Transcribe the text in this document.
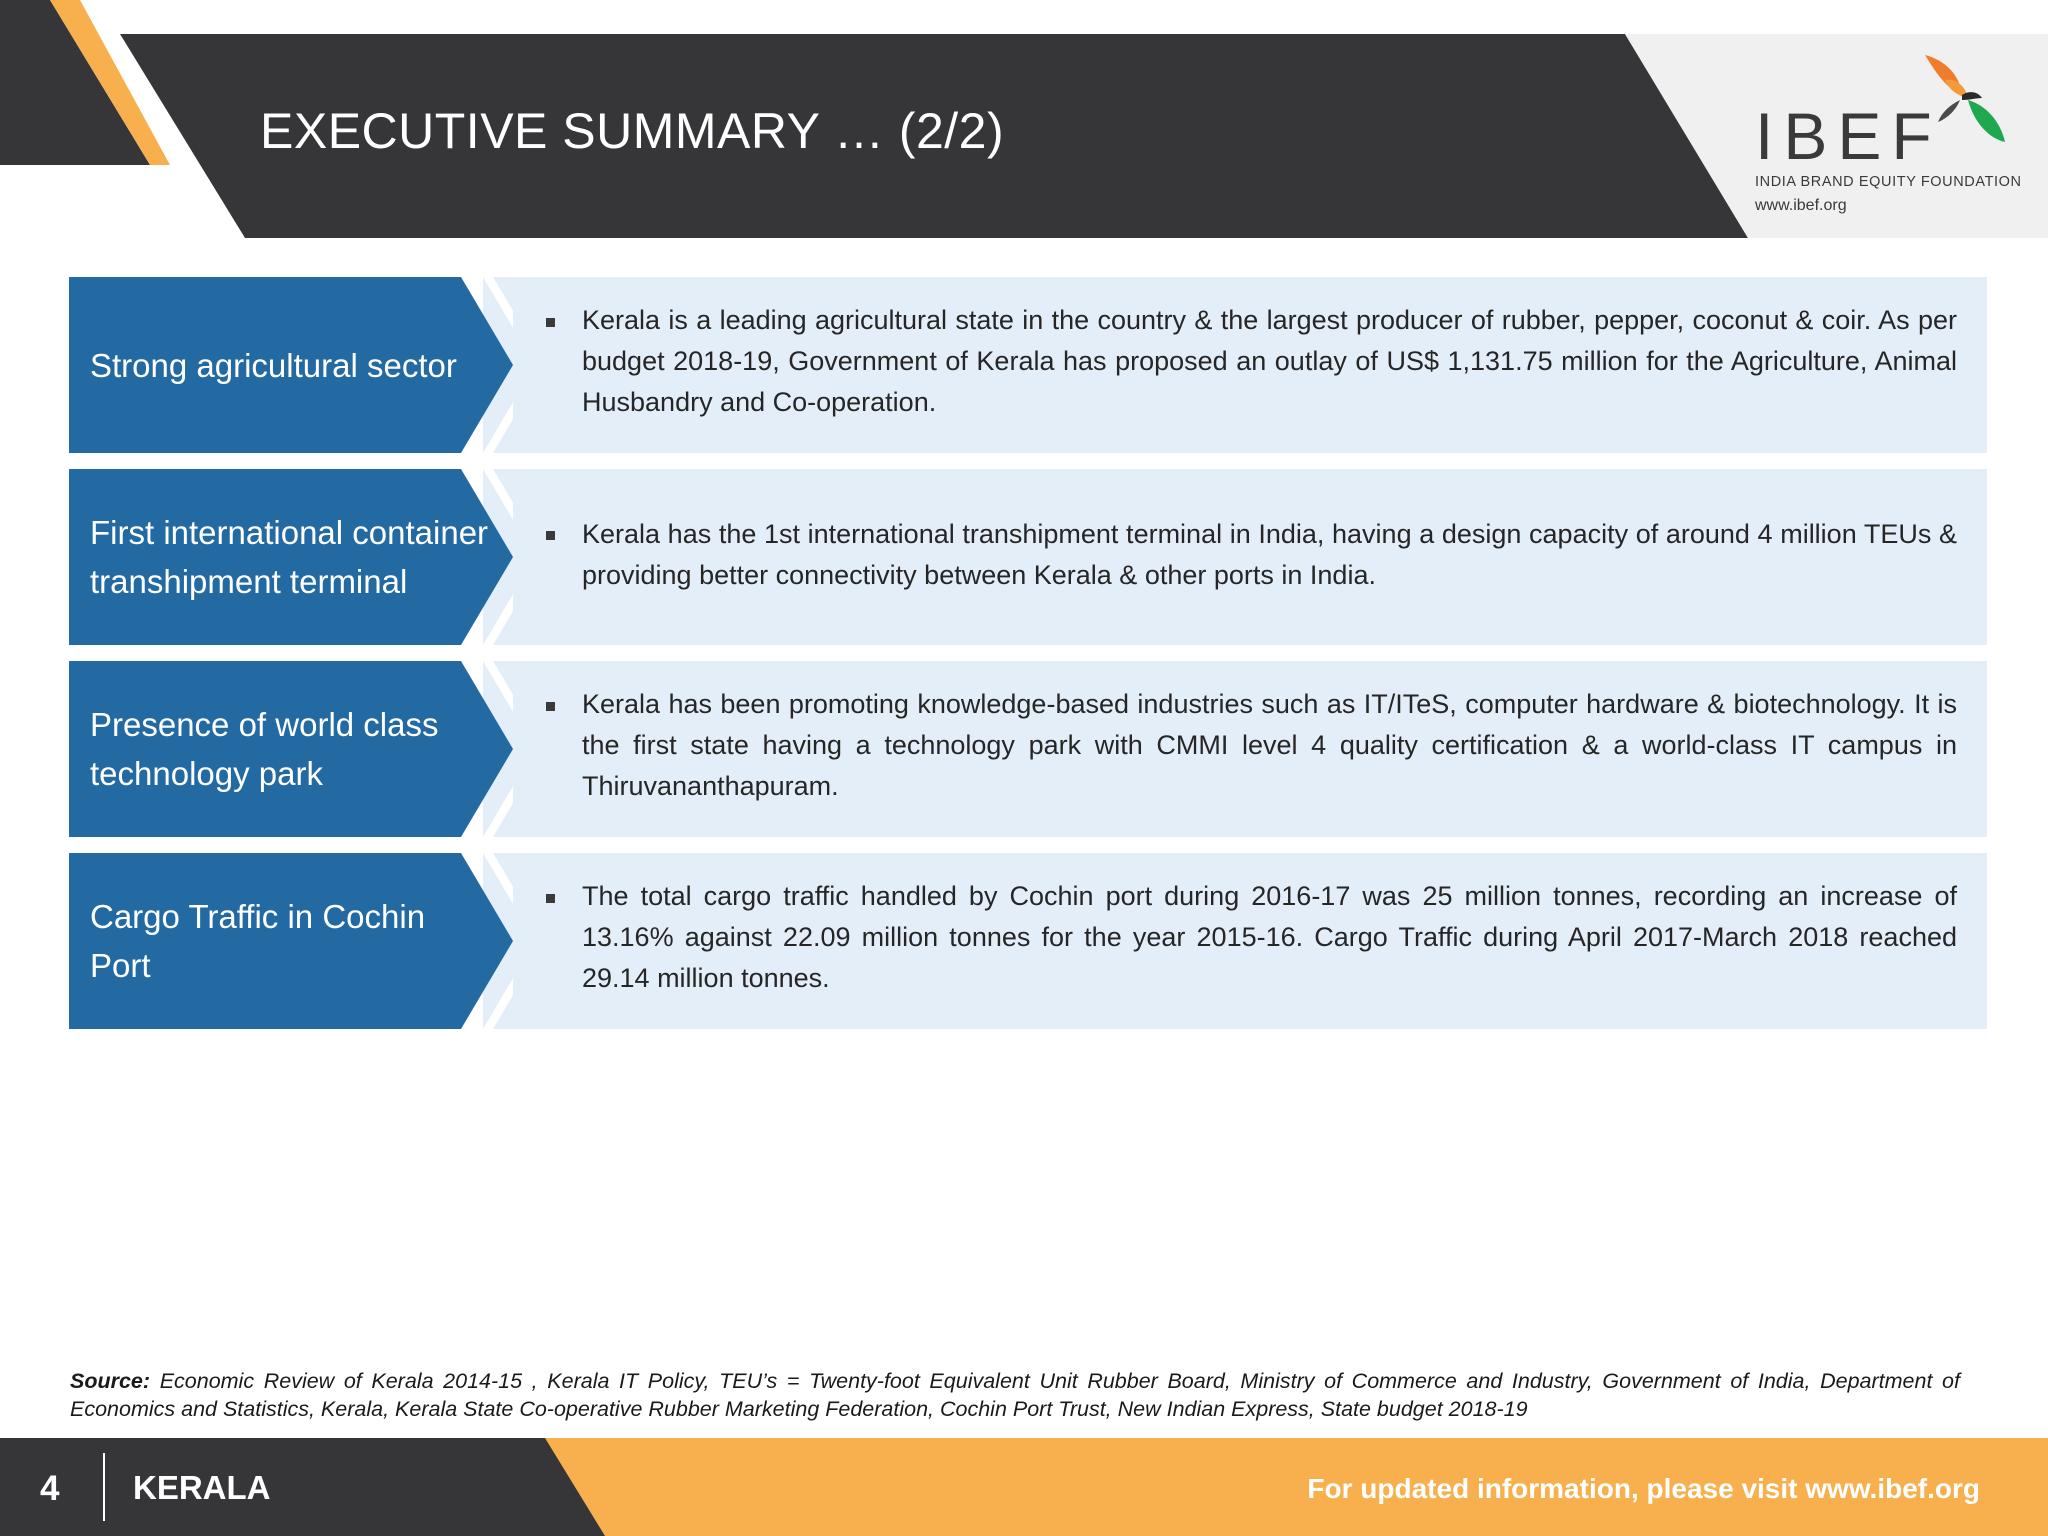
EXECUTIVE SUMMARY … (2/2)	IBEF
INDIA BRAND EQUITY FOUNDATION
www.ibef.org
Strong agricultural sector
Kerala is a leading agricultural state in the country & the largest producer of rubber, pepper, coconut & coir. As per budget 2018-19, Government of Kerala has proposed an outlay of US$ 1,131.75 million for the Agriculture, Animal Husbandry and Co-operation.
First international container transhipment terminal
Kerala has the 1st international transhipment terminal in India, having a design capacity of around 4 million TEUs & providing better connectivity between Kerala & other ports in India.
Presence of world class technology park
Kerala has been promoting knowledge-based industries such as IT/ITeS, computer hardware & biotechnology. It is the first state having a technology park with CMMI level 4 quality certification & a world-class IT campus in Thiruvananthapuram.
Cargo Traffic in Cochin Port
The total cargo traffic handled by Cochin port during 2016-17 was 25 million tonnes, recording an increase of 13.16% against 22.09 million tonnes for the year 2015-16. Cargo Traffic during April 2017-March 2018 reached 29.14 million tonnes.
Source: Economic Review of Kerala 2014-15 , Kerala IT Policy, TEU’s = Twenty-foot Equivalent Unit Rubber Board, Ministry of Commerce and Industry, Government of India, Department of Economics and Statistics, Kerala, Kerala State Co-operative Rubber Marketing Federation, Cochin Port Trust, New Indian Express, State budget 2018-19
4 KERALA	For updated information, please visit www.ibef.org
